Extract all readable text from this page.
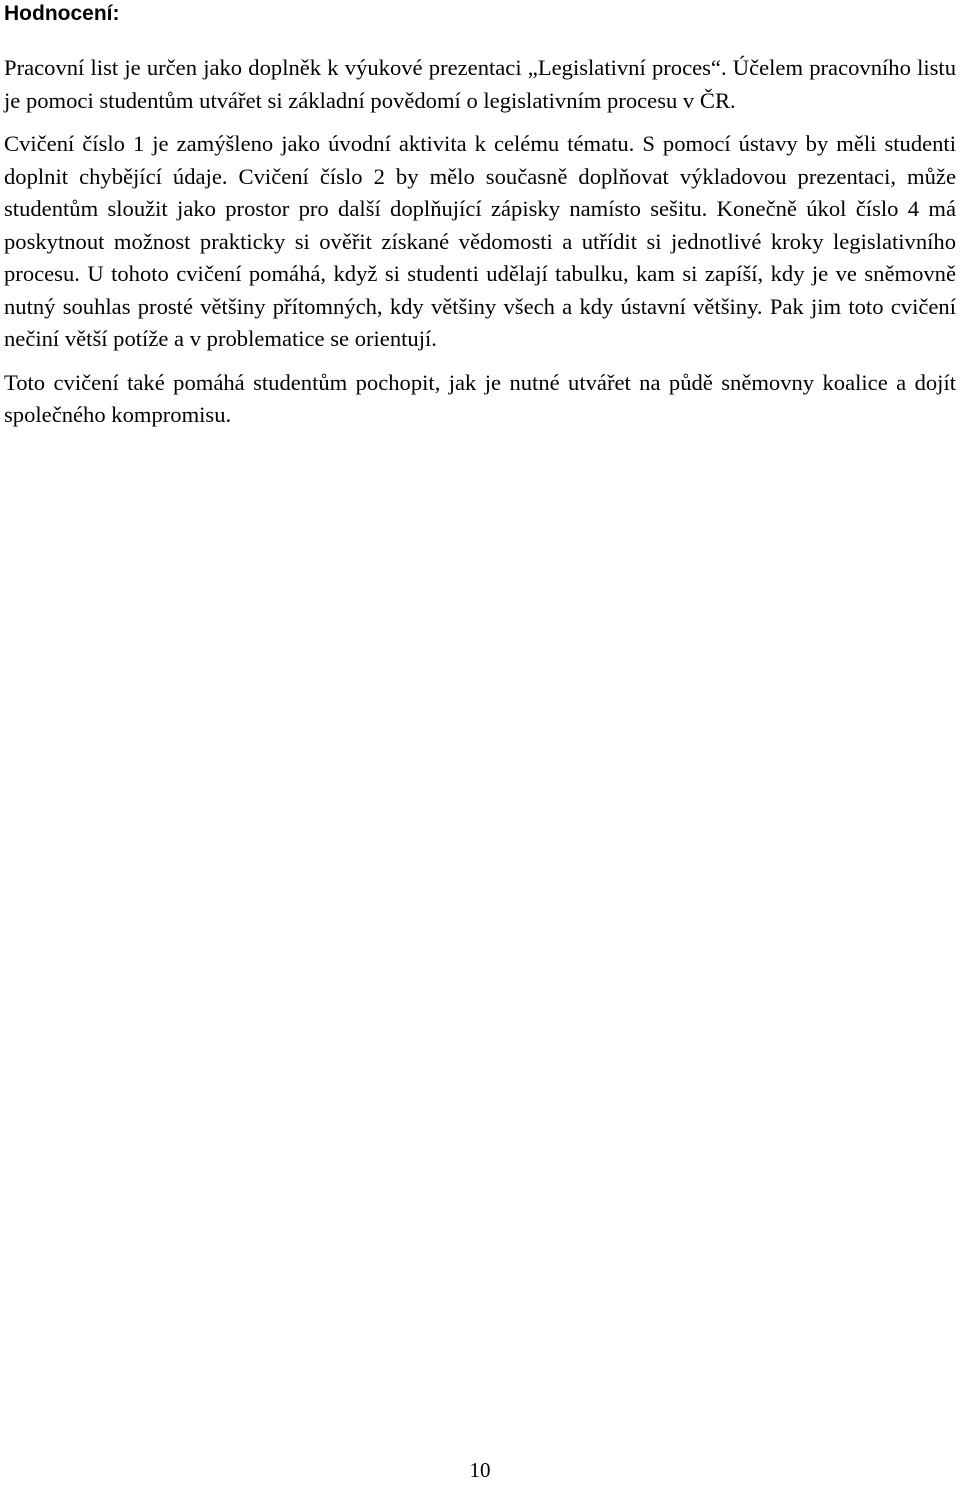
Hodnocení:

Pracovní list je určen jako doplněk k výukové prezentaci „Legislativní proces“. Účelem pracovního listu je pomoci studentům utvářet si základní povědomí o legislativním procesu v ČR.

Cvičení číslo 1 je zamýšleno jako úvodní aktivita k celému tématu. S pomocí ústavy by měli studenti doplnit chybějící údaje. Cvičení číslo 2 by mělo současně doplňovat výkladovou prezentaci, může studentům sloužit jako prostor pro další doplňující zápisky namísto sešitu. Konečně úkol číslo 4 má poskytnout možnost prakticky si ověřit získané vědomosti a utřídit si jednotlivé kroky legislativního procesu. U tohoto cvičení pomáhá, když si studenti udělají tabulku, kam si zapíší, kdy je ve sněmovně nutný souhlas prosté většiny přítomných, kdy většiny všech a kdy ústavní většiny. Pak jim toto cvičení nečiní větší potíže a v problematice se orientují.

Toto cvičení také pomáhá studentům pochopit, jak je nutné utvářet na půdě sněmovny koalice a dojít společného kompromisu.

10
